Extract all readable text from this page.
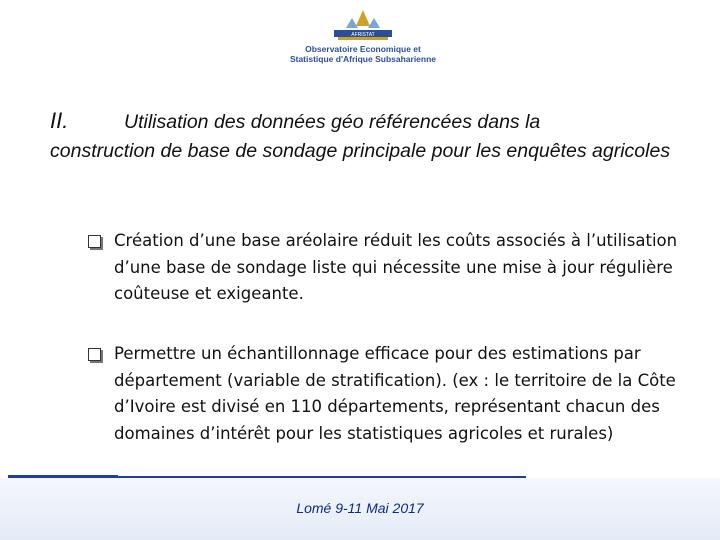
AFRISTAT
Observatoire Economique et
Statistique d'Afrique Subsaharienne
II.	Utilisation des données géo référencées dans la
construction de base de sondage principale pour les enquêtes agricoles
Création d’une base aréolaire réduit les coûts associés à l’utilisation d’une base de sondage liste qui nécessite une mise à jour régulière coûteuse et exigeante.
Permettre un échantillonnage efficace pour des estimations par département (variable de stratification). (ex : le territoire de la Côte d’Ivoire est divisé en 110 départements, représentant chacun des domaines d’intérêt pour les statistiques agricoles et rurales)
Lomé 9-11 Mai 2017
